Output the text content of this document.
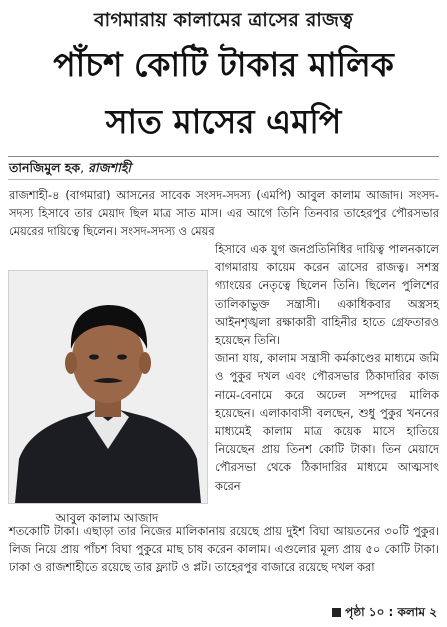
বাগমারায় কালামের ত্রাসের রাজত্ব
পাঁচশ কোটি টাকার মালিক
সাত মাসের এমপি
তানজিমুল হক, রাজশাহী
রাজশাহী-৪ (বাগমারা) আসনের সাবেক সংসদ-সদস্য (এমপি) আবুল কালাম আজাদ। সংসদ-সদস্য হিসাবে তার মেয়াদ ছিল মাত্র সাত মাস। এর আগে তিনি তিনবার তাহেরপুর পৌরসভার মেয়রের দায়িত্বে ছিলেন। সংসদ-সদস্য ও মেয়র
আবুল কালাম আজাদ
হিসাবে এক যুগ জনপ্রতিনিধির দায়িত্ব পালনকালে বাগমারায় কায়েম করেন ত্রাসের রাজত্ব। সশস্ত্র গ্যাংয়ের নেতৃত্বে ছিলেন তিনি। ছিলেন পুলিশের তালিকাভুক্ত সন্ত্রাসী। একাধিকবার অস্ত্রসহ আইনশৃঙ্খলা রক্ষাকারী বাহিনীর হাতে গ্রেফতারও হয়েছেন তিনি।
জানা যায়, কালাম সন্ত্রাসী কর্মকাণ্ডের মাধ্যমে জমি ও পুকুর দখল এবং পৌরসভার ঠিকাদারির কাজ নামে-বেনামে করে অঢেল সম্পদের মালিক হয়েছেন। এলাকাবাসী বলছেন, শুধু পুকুর খননের মাধ্যমেই কালাম মাত্র কয়েক মাসে হাতিয়ে নিয়েছেন প্রায় তিনশ কোটি টাকা। তিন মেয়াদে পৌরসভা থেকে ঠিকাদারির মাধ্যমে আত্মসাৎ করেন
শতকোটি টাকা। এছাড়া তার নিজের মালিকানায় রয়েছে প্রায় দুইশ বিঘা আয়তনের ৩০টি পুকুর। লিজ নিয়ে প্রায় পাঁচশ বিঘা পুকুরে মাছ চাষ করেন কালাম। এগুলোর মূল্য প্রায় ৫০ কোটি টাকা। ঢাকা ও রাজশাহীতে রয়েছে তার ফ্ল্যাট ও প্লট। তাহেরপুর বাজারে রয়েছে দখল করা
পৃষ্ঠা ১০ : কলাম ২
